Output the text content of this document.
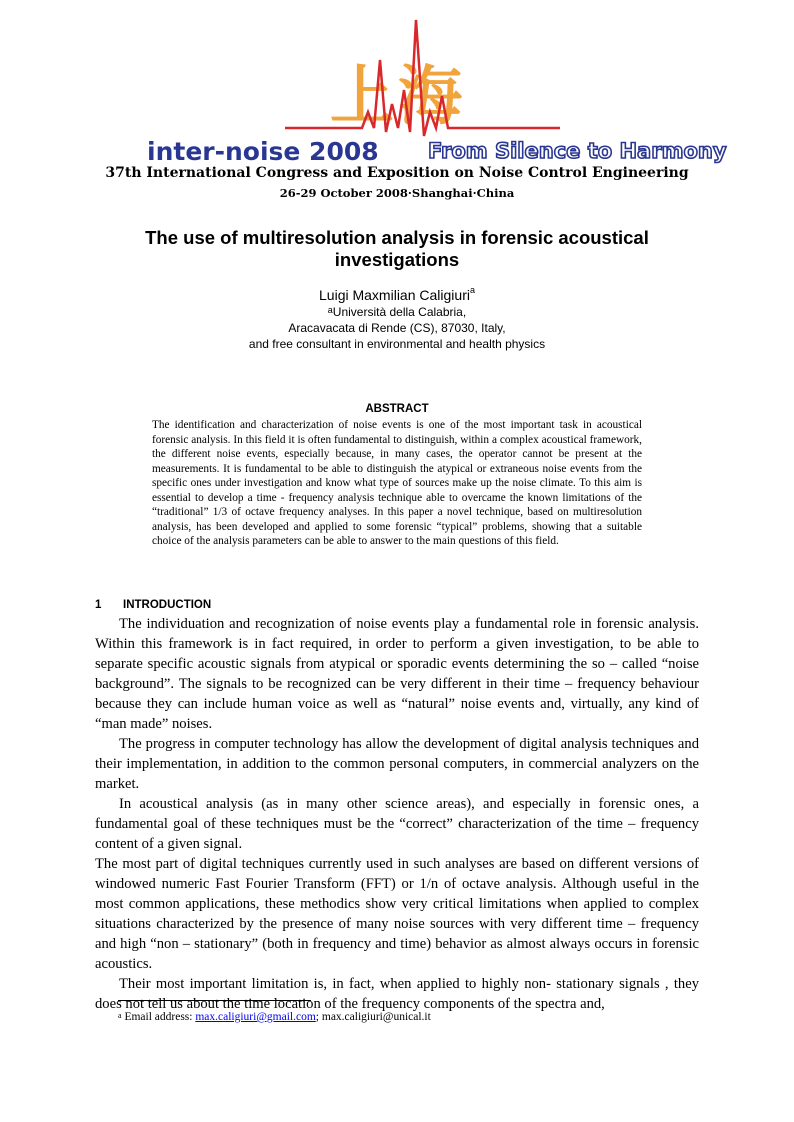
上海
inter-noise 2008 From Silence to Harmony
37th International Congress and Exposition on Noise Control Engineering
26-29 October 2008·Shanghai·China
The use of multiresolution analysis in forensic acoustical investigations
Luigi Maxmilian Caligiuri$^a$
$^a$Università della Calabria,
Aracavacata di Rende (CS), 87030, Italy,
and free consultant in environmental and health physics
ABSTRACT
The identification and characterization of noise events is one of the most important task in acoustical forensic analysis. In this field it is often fundamental to distinguish, within a complex acoustical framework, the different noise events, especially because, in many cases, the operator cannot be present at the measurements. It is fundamental to be able to distinguish the atypical or extraneous noise events from the specific ones under investigation and know what type of sources make up the noise climate. To this aim is essential to develop a time - frequency analysis technique able to overcame the known limitations of the “traditional” 1/3 of octave frequency analyses. In this paper a novel technique, based on multiresolution analysis, has been developed and applied to some forensic “typical” problems, showing that a suitable choice of the analysis parameters can be able to answer to the main questions of this field.
1 INTRODUCTION

The individuation and recognization of noise events play a fundamental role in forensic analysis. Within this framework is in fact required, in order to perform a given investigation, to be able to separate specific acoustic signals from atypical or sporadic events determining the so – called “noise background”. The signals to be recognized can be very different in their time – frequency behaviour because they can include human voice as well as “natural” noise events and, virtually, any kind of “man made” noises.

The progress in computer technology has allow the development of digital analysis techniques and their implementation, in addition to the common personal computers, in commercial analyzers on the market.

In acoustical analysis (as in many other science areas), and especially in forensic ones, a fundamental goal of these techniques must be the “correct” characterization of the time – frequency content of a given signal.

The most part of digital techniques currently used in such analyses are based on different versions of windowed numeric Fast Fourier Transform (FFT) or 1/n of octave analysis. Although useful in the most common applications, these methodics show very critical limitations when applied to complex situations characterized by the presence of many noise sources with very different time – frequency and high “non – stationary” (both in frequency and time) behavior as almost always occurs in forensic acoustics.

Their most important limitation is, in fact, when applied to highly non- stationary signals , they does not tell us about the time location of the frequency components of the spectra and,

$^a$ Email address: max.caligiuri@gmail.com; max.caligiuri@unical.it
